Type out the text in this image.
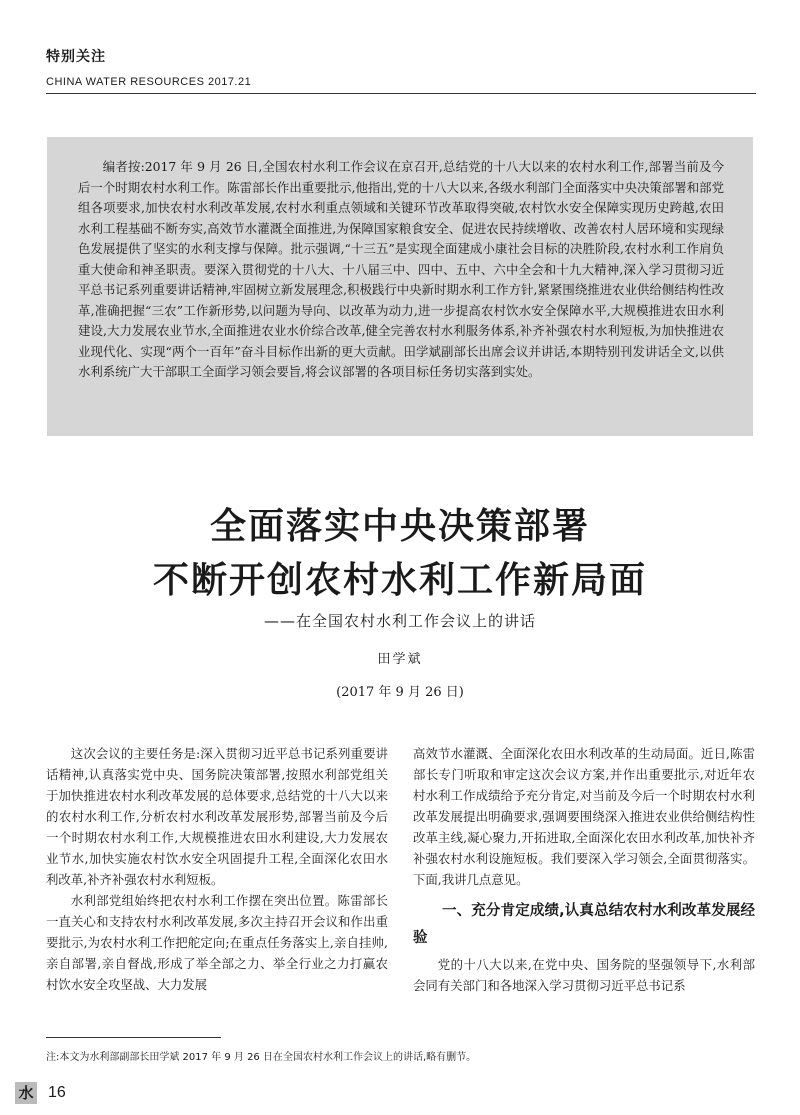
特别关注
CHINA WATER RESOURCES 2017.21

编者按:2017 年 9 月 26 日,全国农村水利工作会议在京召开,总结党的十八大以来的农村水利工作,部署当前及今后一个时期农村水利工作。陈雷部长作出重要批示,他指出,党的十八大以来,各级水利部门全面落实中央决策部署和部党组各项要求,加快农村水利改革发展,农村水利重点领域和关键环节改革取得突破,农村饮水安全保障实现历史跨越,农田水利工程基础不断夯实,高效节水灌溉全面推进,为保障国家粮食安全、促进农民持续增收、改善农村人居环境和实现绿色发展提供了坚实的水利支撑与保障。批示强调,“十三五”是实现全面建成小康社会目标的决胜阶段,农村水利工作肩负重大使命和神圣职责。要深入贯彻党的十八大、十八届三中、四中、五中、六中全会和十九大精神,深入学习贯彻习近平总书记系列重要讲话精神,牢固树立新发展理念,积极践行中央新时期水利工作方针,紧紧围绕推进农业供给侧结构性改革,准确把握“三农”工作新形势,以问题为导向、以改革为动力,进一步提高农村饮水安全保障水平,大规模推进农田水利建设,大力发展农业节水,全面推进农业水价综合改革,健全完善农村水利服务体系,补齐补强农村水利短板,为加快推进农业现代化、实现“两个一百年”奋斗目标作出新的更大贡献。田学斌副部长出席会议并讲话,本期特别刊发讲话全文,以供水利系统广大干部职工全面学习领会要旨,将会议部署的各项目标任务切实落到实处。

全面落实中央决策部署
不断开创农村水利工作新局面
——在全国农村水利工作会议上的讲话
田学斌
(2017 年 9 月 26 日)

这次会议的主要任务是:深入贯彻习近平总书记系列重要讲话精神,认真落实党中央、国务院决策部署,按照水利部党组关于加快推进农村水利改革发展的总体要求,总结党的十八大以来的农村水利工作,分析农村水利改革发展形势,部署当前及今后一个时期农村水利工作,大规模推进农田水利建设,大力发展农业节水,加快实施农村饮水安全巩固提升工程,全面深化农田水利改革,补齐补强农村水利短板。

水利部党组始终把农村水利工作摆在突出位置。陈雷部长一直关心和支持农村水利改革发展,多次主持召开会议和作出重要批示,为农村水利工作把舵定向;在重点任务落实上,亲自挂帅,亲自部署,亲自督战,形成了举全部之力、举全行业之力打赢农村饮水安全攻坚战、大力发展

高效节水灌溉、全面深化农田水利改革的生动局面。近日,陈雷部长专门听取和审定这次会议方案,并作出重要批示,对近年农村水利工作成绩给予充分肯定,对当前及今后一个时期农村水利改革发展提出明确要求,强调要围绕深入推进农业供给侧结构性改革主线,凝心聚力,开拓进取,全面深化农田水利改革,加快补齐补强农村水利设施短板。我们要深入学习领会,全面贯彻落实。下面,我讲几点意见。

一、充分肯定成绩,认真总结农村水利改革发展经验

党的十八大以来,在党中央、国务院的坚强领导下,水利部会同有关部门和各地深入学习贯彻习近平总书记系

注:本文为水利部副部长田学斌 2017 年 9 月 26 日在全国农村水利工作会议上的讲话,略有删节。
水 16
